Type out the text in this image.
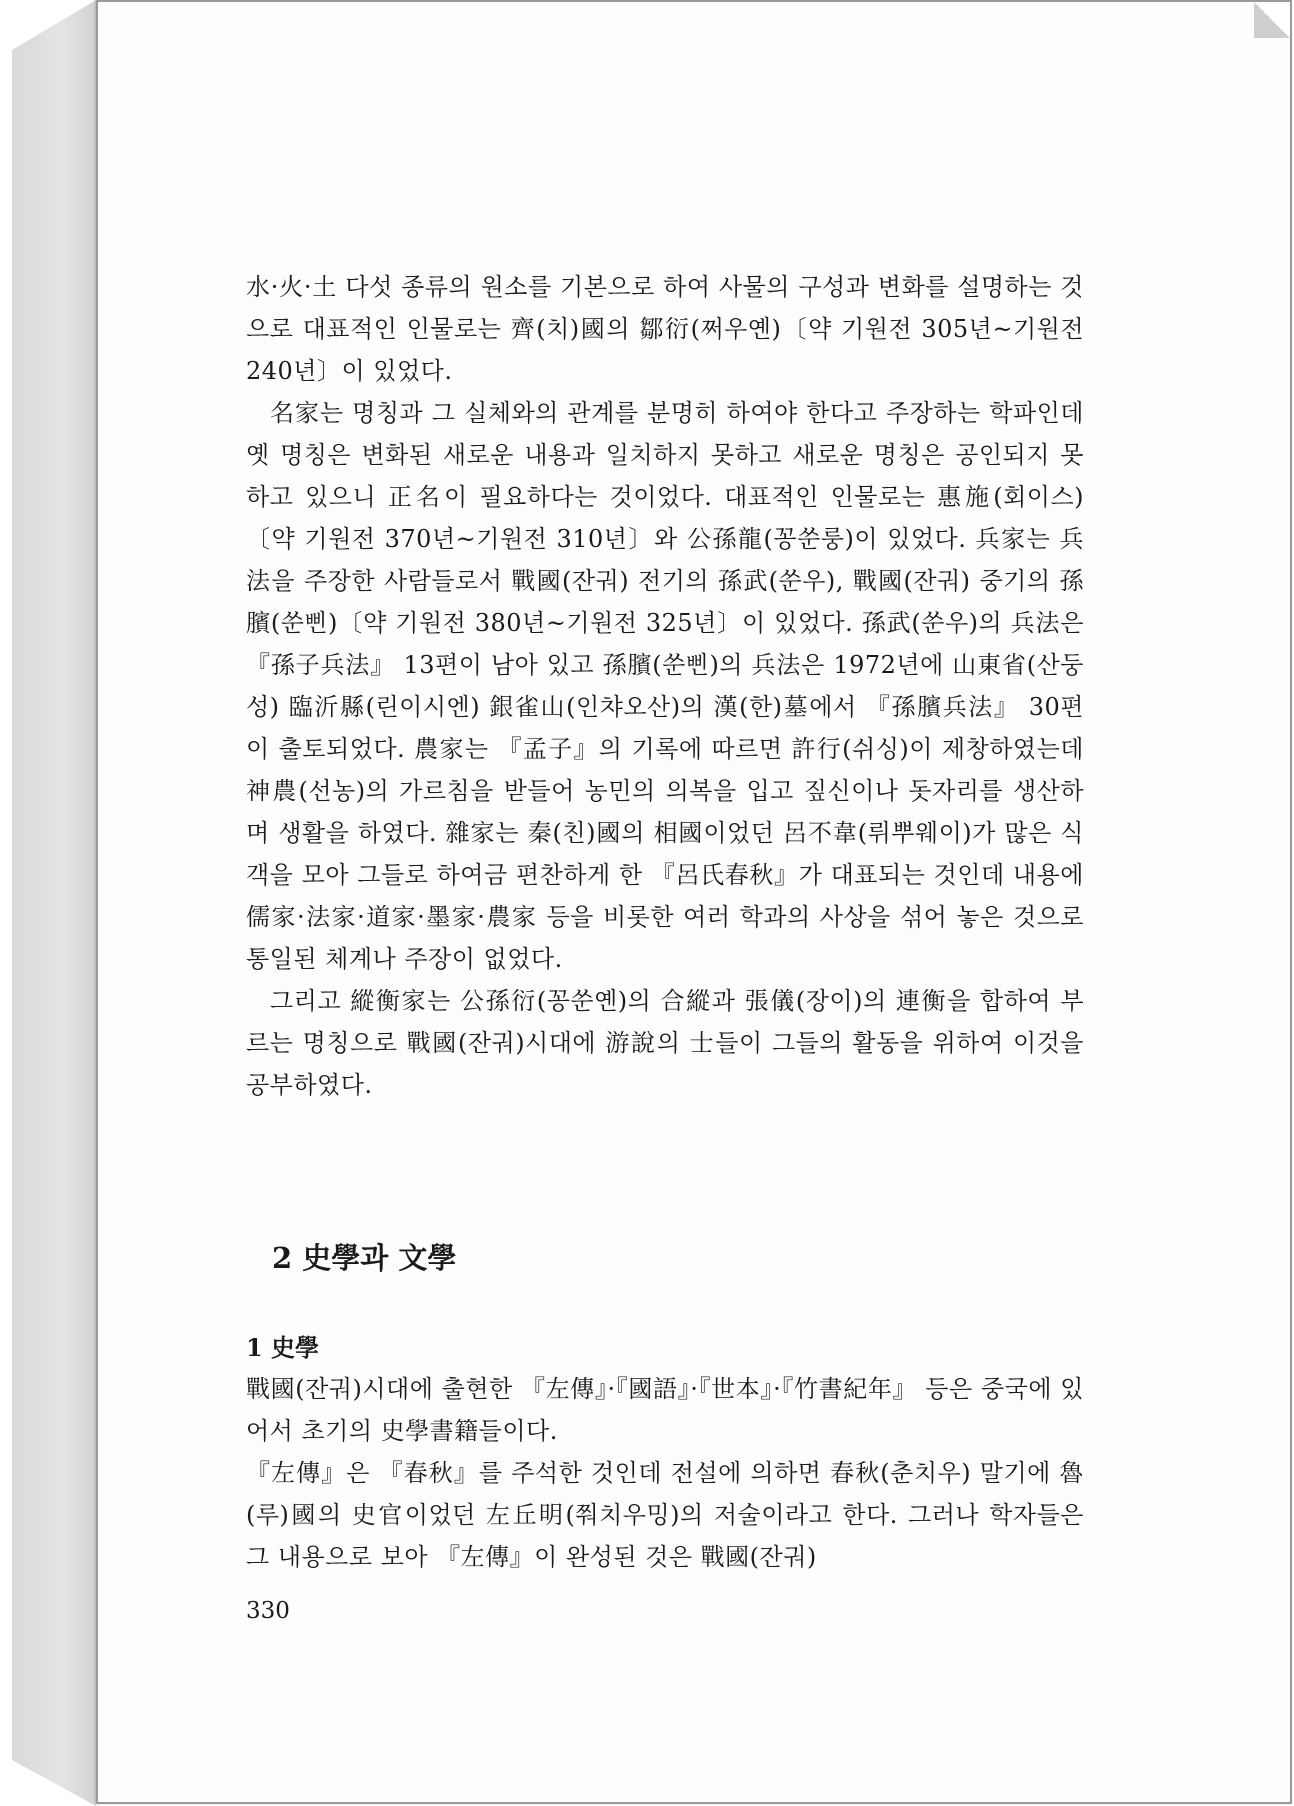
水·火·土 다섯 종류의 원소를 기본으로 하여 사물의 구성과 변화를 설명하는 것으로 대표적인 인물로는 齊(치)國의 鄒衍(쩌우옌)〔약 기원전 305년~기원전 240년〕이 있었다.

名家는 명칭과 그 실체와의 관계를 분명히 하여야 한다고 주장하는 학파인데 옛 명칭은 변화된 새로운 내용과 일치하지 못하고 새로운 명칭은 공인되지 못하고 있으니 正名이 필요하다는 것이었다. 대표적인 인물로는 惠施(회이스)〔약 기원전 370년~기원전 310년〕와 公孫龍(꽁쑨룽)이 있었다. 兵家는 兵法을 주장한 사람들로서 戰國(잔궈) 전기의 孫武(쑨우), 戰國(잔궈) 중기의 孫臏(쑨삔)〔약 기원전 380년~기원전 325년〕이 있었다. 孫武(쑨우)의 兵法은 『孫子兵法』 13편이 남아 있고 孫臏(쑨삔)의 兵法은 1972년에 山東省(산둥성) 臨沂縣(린이시엔) 銀雀山(인챠오산)의 漢(한)墓에서 『孫臏兵法』 30편이 출토되었다. 農家는 『孟子』의 기록에 따르면 許行(쉬싱)이 제창하였는데 神農(선농)의 가르침을 받들어 농민의 의복을 입고 짚신이나 돗자리를 생산하며 생활을 하였다. 雜家는 秦(친)國의 相國이었던 呂不韋(뤼뿌웨이)가 많은 식객을 모아 그들로 하여금 편찬하게 한 『呂氏春秋』가 대표되는 것인데 내용에 儒家·法家·道家·墨家·農家 등을 비롯한 여러 학과의 사상을 섞어 놓은 것으로 통일된 체계나 주장이 없었다.

그리고 縱衡家는 公孫衍(꽁쑨옌)의 合縱과 張儀(장이)의 連衡을 합하여 부르는 명칭으로 戰國(잔궈)시대에 游說의 士들이 그들의 활동을 위하여 이것을 공부하였다.

2 史學과 文學
1 史學

戰國(잔궈)시대에 출현한 『左傳』·『國語』·『世本』·『竹書紀年』 등은 중국에 있어서 초기의 史學書籍들이다.

『左傳』은 『春秋』를 주석한 것인데 전설에 의하면 春秋(춘치우) 말기에 魯(루)國의 史官이었던 左丘明(쭤치우밍)의 저술이라고 한다. 그러나 학자들은 그 내용으로 보아 『左傳』이 완성된 것은 戰國(잔궈)

330
